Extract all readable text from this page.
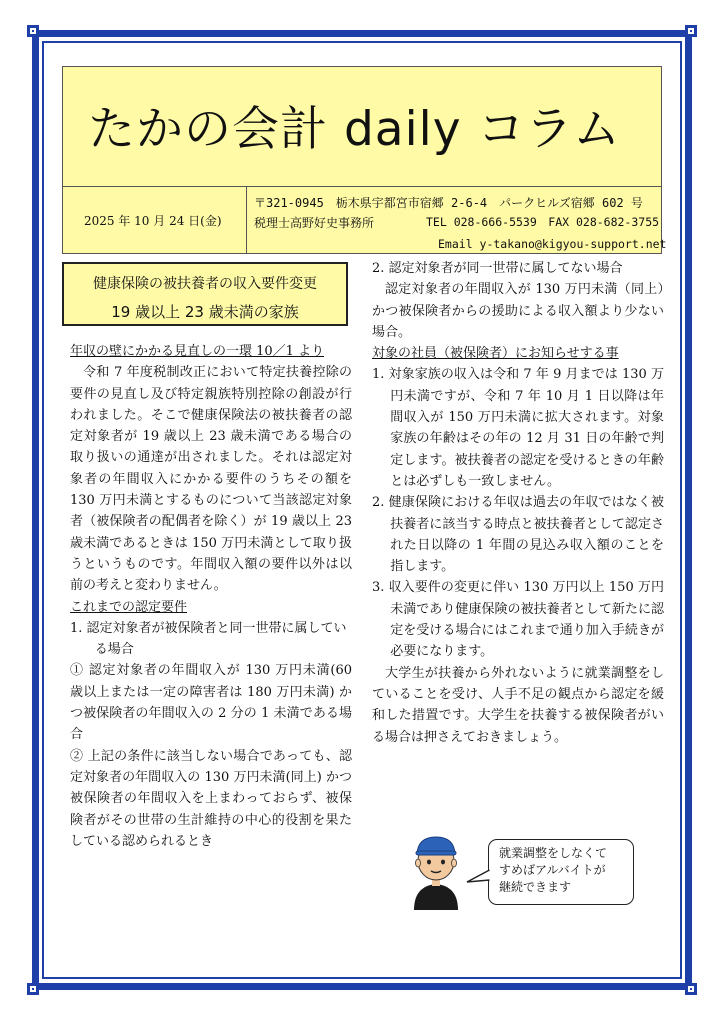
たかの会計 daily コラム
2025 年 10 月 24 日(金)
〒321-0945　栃木県宇都宮市宿郷 2-6-4　パークヒルズ宿郷 602 号
税理士高野好史事務所	TEL 028-666-5539　FAX 028-682-3755
Email y-takano@kigyou-support.net
健康保険の被扶養者の収入要件変更
19 歳以上 23 歳未満の家族

年収の壁にかかる見直しの一環 10／1 より

令和 7 年度税制改正において特定扶養控除の要件の見直し及び特定親族特別控除の創設が行われました。そこで健康保険法の被扶養者の認定対象者が 19 歳以上 23 歳未満である場合の取り扱いの通達が出されました。それは認定対象者の年間収入にかかる要件のうちその額を 130 万円未満とするものについて当該認定対象者（被保険者の配偶者を除く）が 19 歳以上 23 歳未満であるときは 150 万円未満として取り扱うというものです。年間収入額の要件以外は以前の考えと変わりません。

これまでの認定要件

1. 認定対象者が被保険者と同一世帯に属している場合

① 認定対象者の年間収入が 130 万円未満(60 歳以上または一定の障害者は 180 万円未満) かつ被保険者の年間収入の 2 分の 1 未満である場合

② 上記の条件に該当しない場合であっても、認定対象者の年間収入の 130 万円未満(同上) かつ被保険者の年間収入を上まわっておらず、被保険者がその世帯の生計維持の中心的役割を果たしている認められるとき

2. 認定対象者が同一世帯に属してない場合

認定対象者の年間収入が 130 万円未満（同上）かつ被保険者からの援助による収入額より少ない場合。

対象の社員（被保険者）にお知らせする事

1. 対象家族の収入は令和 7 年 9 月までは 130 万円未満ですが、令和 7 年 10 月 1 日以降は年間収入が 150 万円未満に拡大されます。対象家族の年齢はその年の 12 月 31 日の年齢で判定します。被扶養者の認定を受けるときの年齢とは必ずしも一致しません。

2. 健康保険における年収は過去の年収ではなく被扶養者に該当する時点と被扶養者として認定された日以降の 1 年間の見込み収入額のことを指します。

3. 収入要件の変更に伴い 130 万円以上 150 万円未満であり健康保険の被扶養者として新たに認定を受ける場合にはこれまで通り加入手続きが必要になります。

大学生が扶養から外れないように就業調整をしていることを受け、人手不足の観点から認定を緩和した措置です。大学生を扶養する被保険者がいる場合は押さえておきましょう。

就業調整をしなくて
すめばアルバイトが
継続できます
